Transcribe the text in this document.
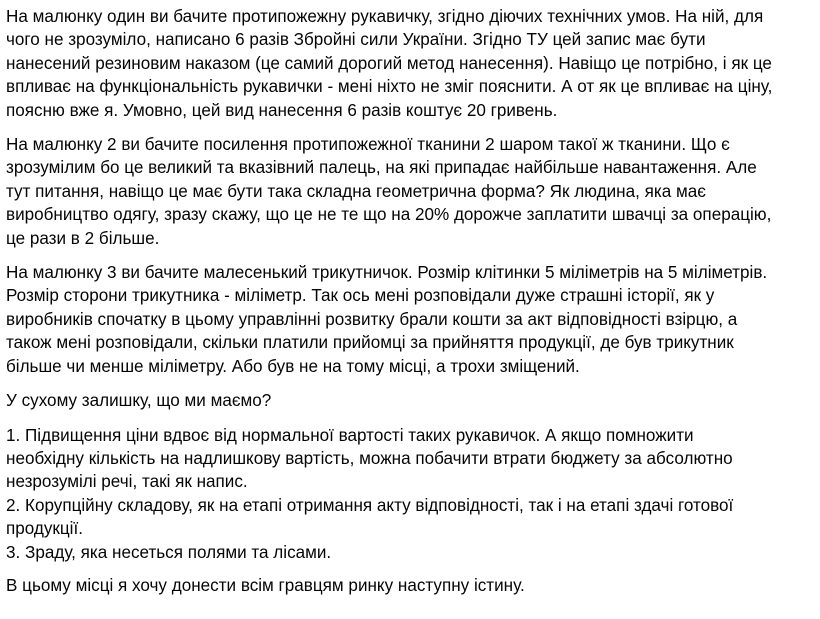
На малюнку один ви бачите протипожежну рукавичку, згідно діючих технічних умов. На ній, для
чого не зрозуміло, написано 6 разів Збройні сили України. Згідно ТУ цей запис має бути
нанесений резиновим наказом (це самий дорогий метод нанесення). Навіщо це потрібно, і як це
впливає на функціональність рукавички - мені ніхто не зміг пояснити. А от як це впливає на ціну,
поясню вже я. Умовно, цей вид нанесення 6 разів коштує 20 гривень.

На малюнку 2 ви бачите посилення протипожежної тканини 2 шаром такої ж тканини. Що є
зрозумілим бо це великий та вказівний палець, на які припадає найбільше навантаження. Але
тут питання, навіщо це має бути така складна геометрична форма? Як людина, яка має
виробництво одягу, зразу скажу, що це не те що на 20% дорожче заплатити швачці за операцію,
це рази в 2 більше.

На малюнку 3 ви бачите малесенький трикутничок. Розмір клітинки 5 міліметрів на 5 міліметрів.
Розмір сторони трикутника - міліметр. Так ось мені розповідали дуже страшні історії, як у
виробників спочатку в цьому управлінні розвитку брали кошти за акт відповідності взірцю, а
також мені розповідали, скільки платили прийомці за прийняття продукції, де був трикутник
більше чи менше міліметру. Або був не на тому місці, а трохи зміщений.

У сухому залишку, що ми маємо?

1. Підвищення ціни вдвоє від нормальної вартості таких рукавичок. А якщо помножити
необхідну кількість на надлишкову вартість, можна побачити втрати бюджету за абсолютно
незрозумілі речі, такі як напис.
2. Корупційну складову, як на етапі отримання акту відповідності, так і на етапі здачі готової
продукції.
3. Зраду, яка несеться полями та лісами.

В цьому місці я хочу донести всім гравцям ринку наступну істину.
